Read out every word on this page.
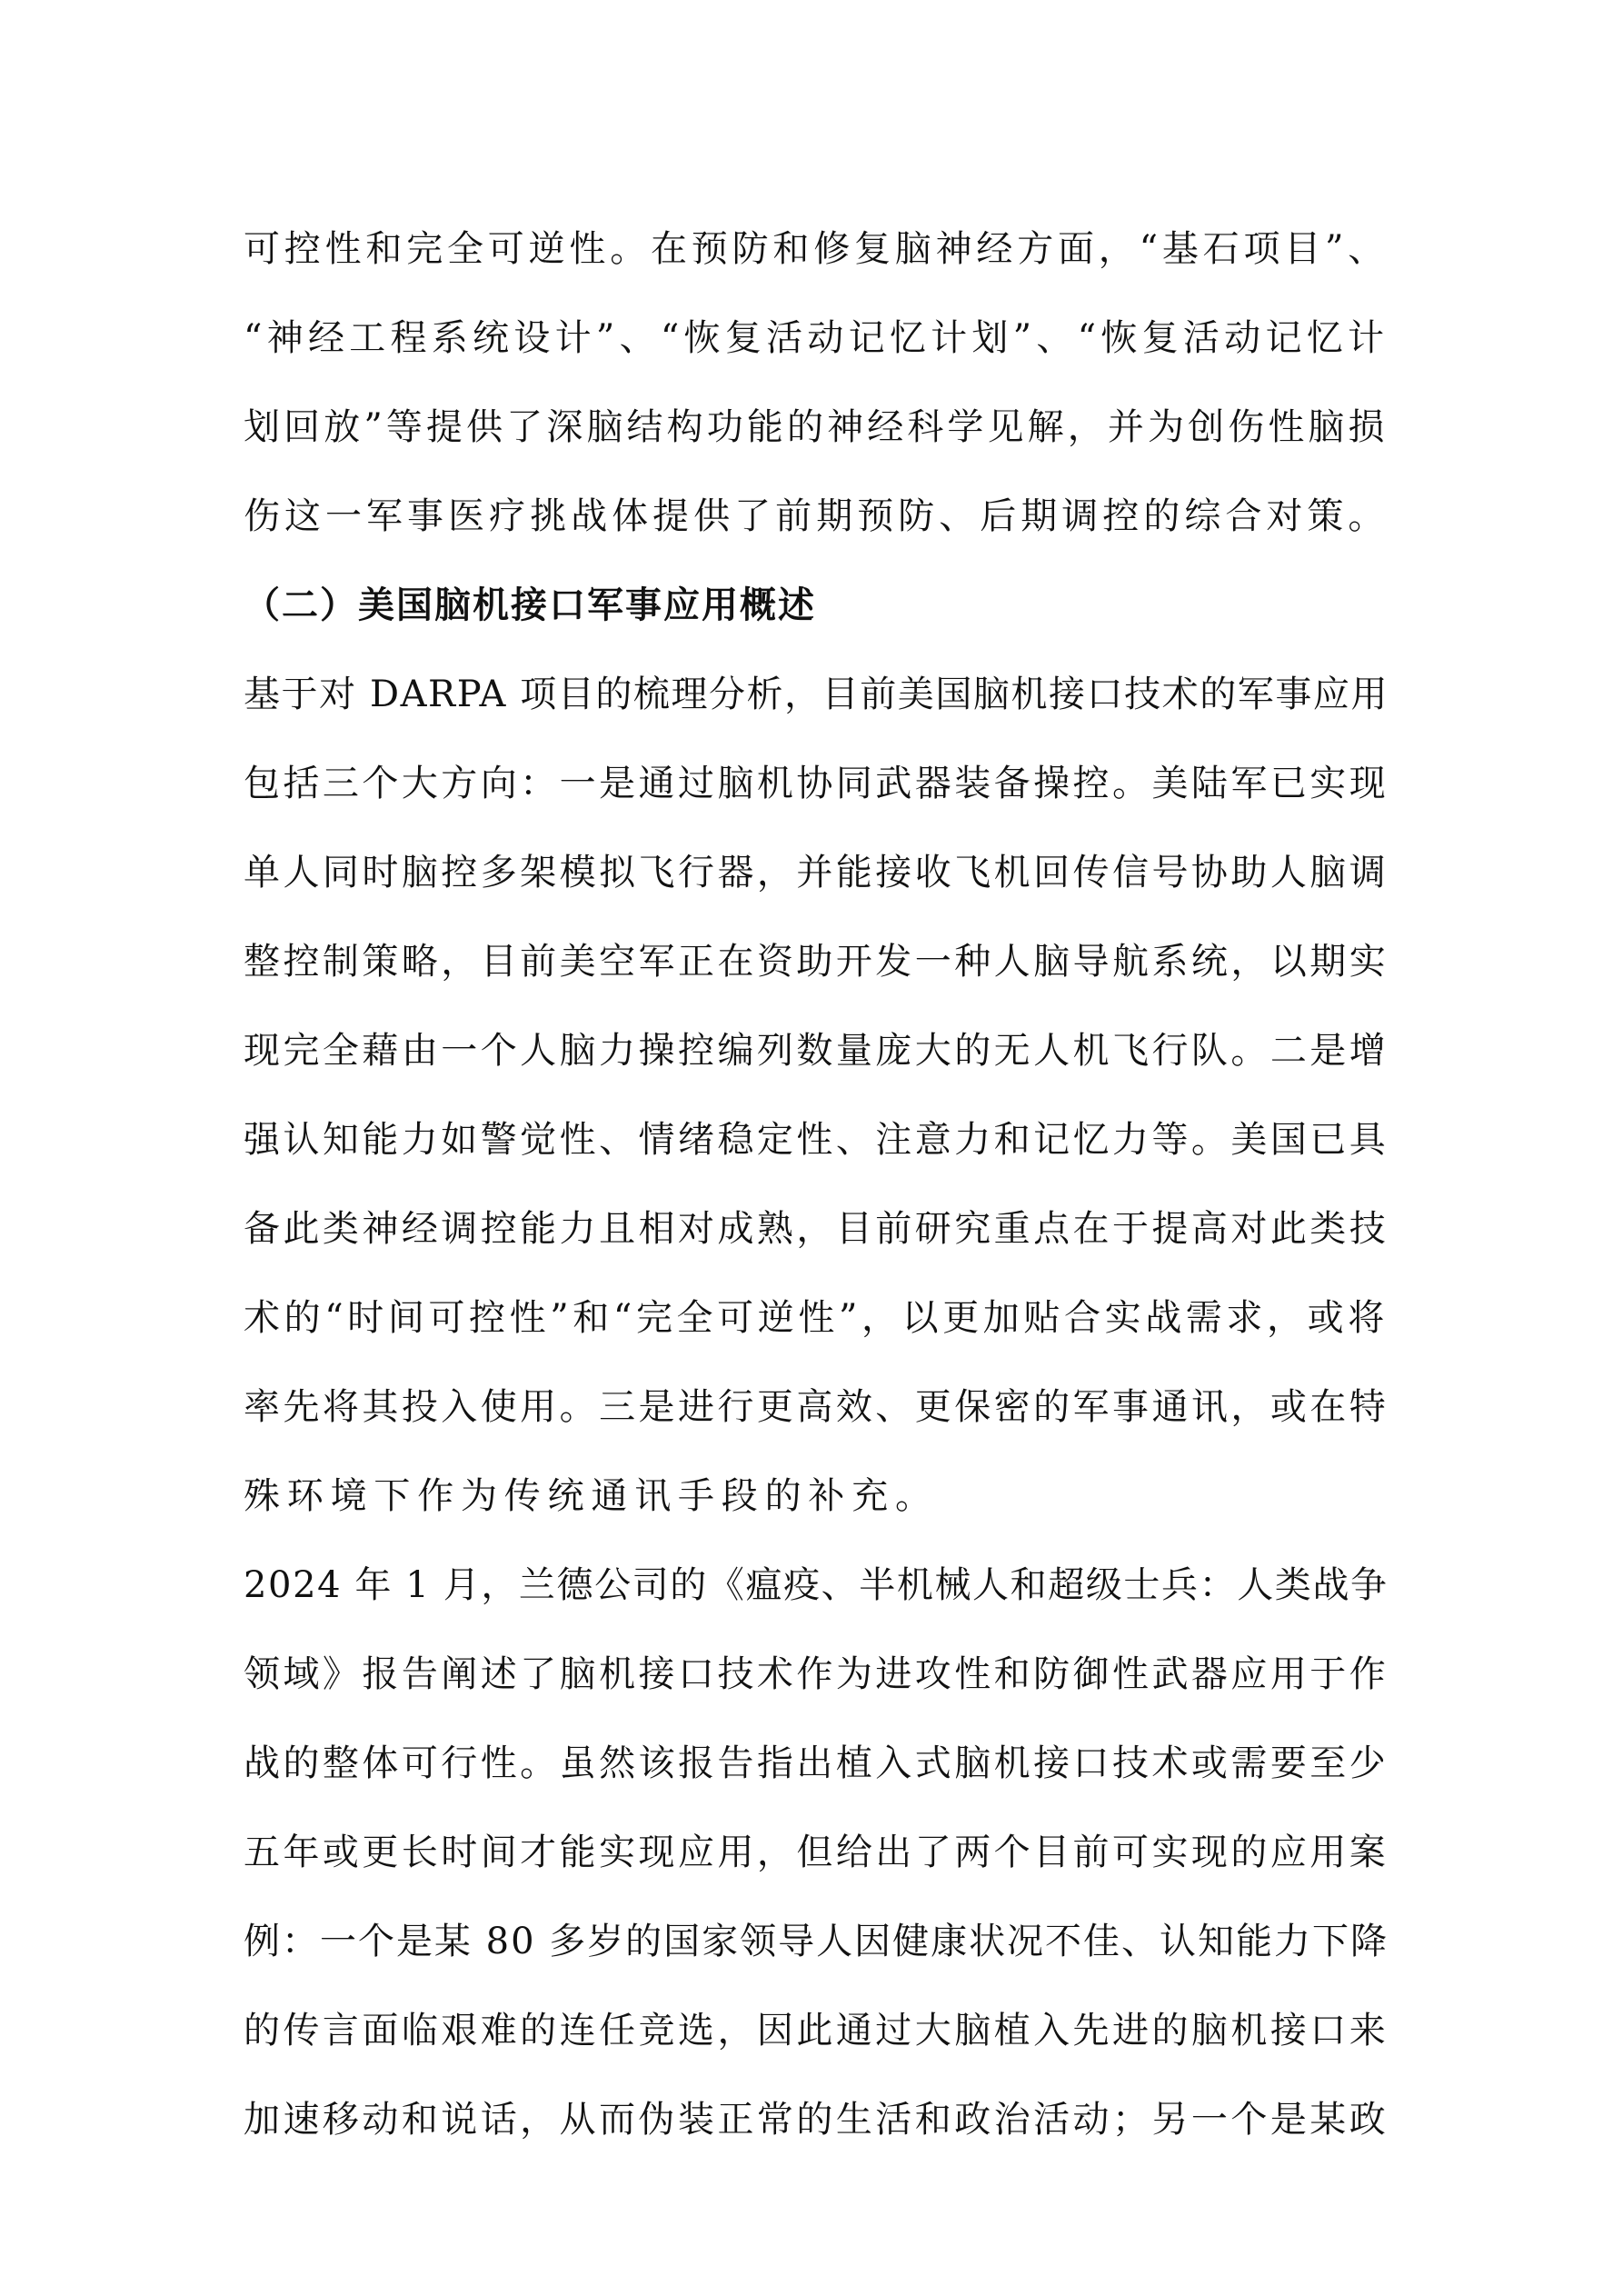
可控性和完全可逆性。在预防和修复脑神经方面，“基石项目”、
“神经工程系统设计”、“恢复活动记忆计划”、“恢复活动记忆计
划回放”等提供了深脑结构功能的神经科学见解，并为创伤性脑损
伤这一军事医疗挑战体提供了前期预防、后期调控的综合对策。
（二）美国脑机接口军事应用概述
基于对 DARPA 项目的梳理分析，目前美国脑机接口技术的军事应用
包括三个大方向：一是通过脑机协同武器装备操控。美陆军已实现
单人同时脑控多架模拟飞行器，并能接收飞机回传信号协助人脑调
整控制策略，目前美空军正在资助开发一种人脑导航系统，以期实
现完全藉由一个人脑力操控编列数量庞大的无人机飞行队。二是增
强认知能力如警觉性、情绪稳定性、注意力和记忆力等。美国已具
备此类神经调控能力且相对成熟，目前研究重点在于提高对此类技
术的“时间可控性”和“完全可逆性”，以更加贴合实战需求，或将
率先将其投入使用。三是进行更高效、更保密的军事通讯，或在特
殊环境下作为传统通讯手段的补充。
2024 年 1 月，兰德公司的《瘟疫、半机械人和超级士兵：人类战争
领域》报告阐述了脑机接口技术作为进攻性和防御性武器应用于作
战的整体可行性。虽然该报告指出植入式脑机接口技术或需要至少
五年或更长时间才能实现应用，但给出了两个目前可实现的应用案
例：一个是某 80 多岁的国家领导人因健康状况不佳、认知能力下降
的传言面临艰难的连任竞选，因此通过大脑植入先进的脑机接口来
加速移动和说话，从而伪装正常的生活和政治活动；另一个是某政
